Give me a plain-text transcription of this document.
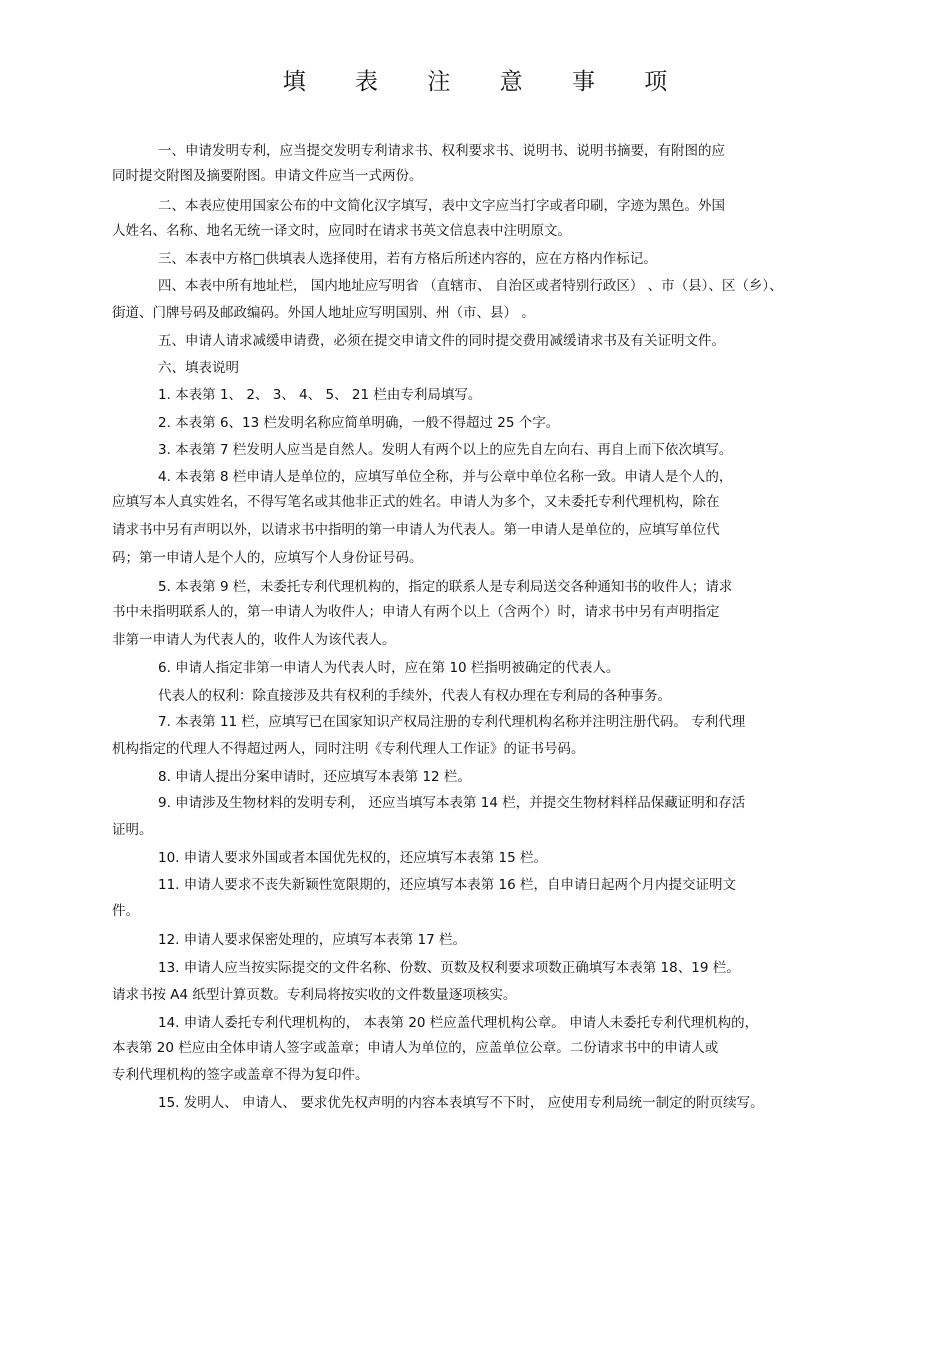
填 表 注 意 事 项
一、申请发明专利，应当提交发明专利请求书、权利要求书、说明书、说明书摘要，有附图的应
同时提交附图及摘要附图。申请文件应当一式两份。
二、本表应使用国家公布的中文简化汉字填写，表中文字应当打字或者印刷，字迹为黑色。外国
人姓名、名称、地名无统一译文时，应同时在请求书英文信息表中注明原文。
三、本表中方格□供填表人选择使用，若有方格后所述内容的，应在方格内作标记。
四、本表中所有地址栏， 国内地址应写明省 （直辖市、 自治区或者特别行政区） 、市（县）、区（乡）、
街道、门牌号码及邮政编码。外国人地址应写明国别、州（市、县） 。
五、申请人请求减缓申请费，必须在提交申请文件的同时提交费用减缓请求书及有关证明文件。
六、填表说明
1. 本表第 1、 2、 3、 4、 5、 21 栏由专利局填写。
2. 本表第 6、13 栏发明名称应简单明确，一般不得超过 25 个字。
3. 本表第 7 栏发明人应当是自然人。发明人有两个以上的应先自左向右、再自上而下依次填写。
4. 本表第 8 栏申请人是单位的，应填写单位全称，并与公章中单位名称一致。申请人是个人的，
应填写本人真实姓名，不得写笔名或其他非正式的姓名。申请人为多个，又未委托专利代理机构，除在
请求书中另有声明以外，以请求书中指明的第一申请人为代表人。第一申请人是单位的，应填写单位代
码；第一申请人是个人的，应填写个人身份证号码。
5. 本表第 9 栏，未委托专利代理机构的，指定的联系人是专利局送交各种通知书的收件人；请求
书中未指明联系人的，第一申请人为收件人；申请人有两个以上（含两个）时，请求书中另有声明指定
非第一申请人为代表人的，收件人为该代表人。
6. 申请人指定非第一申请人为代表人时，应在第 10 栏指明被确定的代表人。
代表人的权利：除直接涉及共有权利的手续外，代表人有权办理在专利局的各种事务。
7. 本表第 11 栏，应填写已在国家知识产权局注册的专利代理机构名称并注明注册代码。 专利代理
机构指定的代理人不得超过两人，同时注明《专利代理人工作证》的证书号码。
8. 申请人提出分案申请时，还应填写本表第 12 栏。
9. 申请涉及生物材料的发明专利， 还应当填写本表第 14 栏，并提交生物材料样品保藏证明和存活
证明。
10. 申请人要求外国或者本国优先权的，还应填写本表第 15 栏。
11. 申请人要求不丧失新颖性宽限期的，还应填写本表第 16 栏，自申请日起两个月内提交证明文
件。
12. 申请人要求保密处理的，应填写本表第 17 栏。
13. 申请人应当按实际提交的文件名称、份数、页数及权利要求项数正确填写本表第 18、19 栏。
请求书按 A4 纸型计算页数。专利局将按实收的文件数量逐项核实。
14. 申请人委托专利代理机构的， 本表第 20 栏应盖代理机构公章。 申请人未委托专利代理机构的，
本表第 20 栏应由全体申请人签字或盖章；申请人为单位的，应盖单位公章。二份请求书中的申请人或
专利代理机构的签字或盖章不得为复印件。
15. 发明人、 申请人、 要求优先权声明的内容本表填写不下时， 应使用专利局统一制定的附页续写。
